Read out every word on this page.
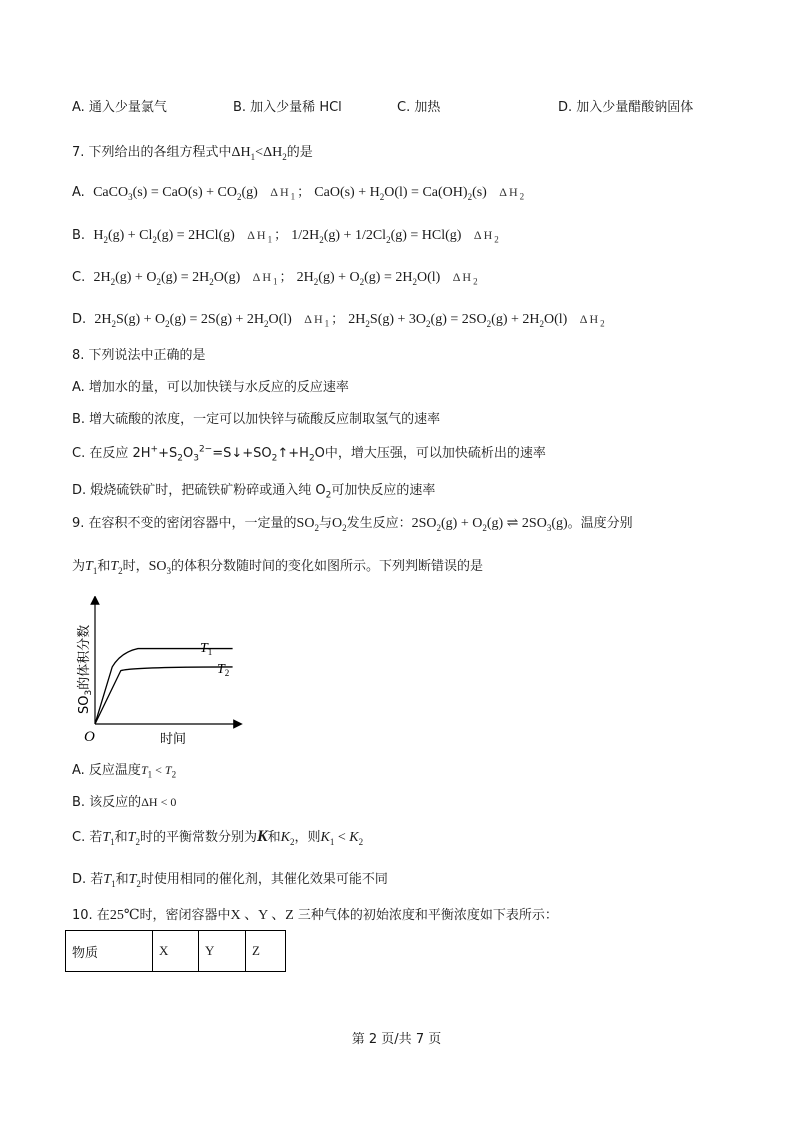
A. 通入少量氯气	B. 加入少量稀 HCl	C. 加热	D. 加入少量醋酸钠固体
7. 下列给出的各组方程式中$\Delta H_1<\Delta H_2$的是
A. CaCO$_3$(s) = $CaO(s) + CO_2(g)$ $\Delta H_1$； $CaO(s) + H_2O(l) = Ca(OH)_2(s)$ $\Delta H_2$
B. $H_2(g) + Cl_2(g) = 2HCl(g)$ $\Delta H_1$； $1/2H_2(g) + 1/2Cl_2(g) = HCl(g)$ $\Delta H_2$
C. $2H_2(g) + O_2(g) = 2H_2O(g)$ $\Delta H_1$； $2H_2(g) + O_2(g) = 2H_2O(l)$ $\Delta H_2$
D. $2H_2S(g) + O_2(g) = 2S(g) + 2H_2O(l)$ $\Delta H_1$； $2H_2S(g) + 3O_2(g) = 2SO_2(g) + 2H_2O(l)$ $\Delta H_2$
8. 下列说法中正确的是
A. 增加水的量，可以加快镁与水反应的反应速率
B. 增大硫酸的浓度，一定可以加快锌与硫酸反应制取氢气的速率
C. 在反应 $2H^++S_2O_3^{2-}=S↓+SO_2↑+H_2O$中，增大压强，可以加快硫析出的速率
D. 煅烧硫铁矿时，把硫铁矿粉碎或通入纯 $O_2$可加快反应的速率
9. 在容积不变的密闭容器中，一定量的$SO_2$与$O_2$发生反应：$2SO_2(g) + O_2(g)$ ⇌ $2SO_3(g)$。温度分别
为$T_1$和$T_2$时，$SO_3$的体积分数随时间的变化如图所示。下列判断错误的是
$T_1$
$T_2$
O	时间
$SO_3$的体积分数
A. 反应温度$T_1 < T_2$
B. 该反应的ΔH < 0
C. 若$T_1$和$T_2$时的平衡常数分别为K和$K_2$，则$K_1 < K_2$
D. 若$T_1$和$T_2$时使用相同的催化剂，其催化效果可能不同
10. 在25℃时，密闭容器中X 、Y 、Z 三种气体的初始浓度和平衡浓度如下表所示：
物质	X	Y	Z
第 2 页/共 7 页
